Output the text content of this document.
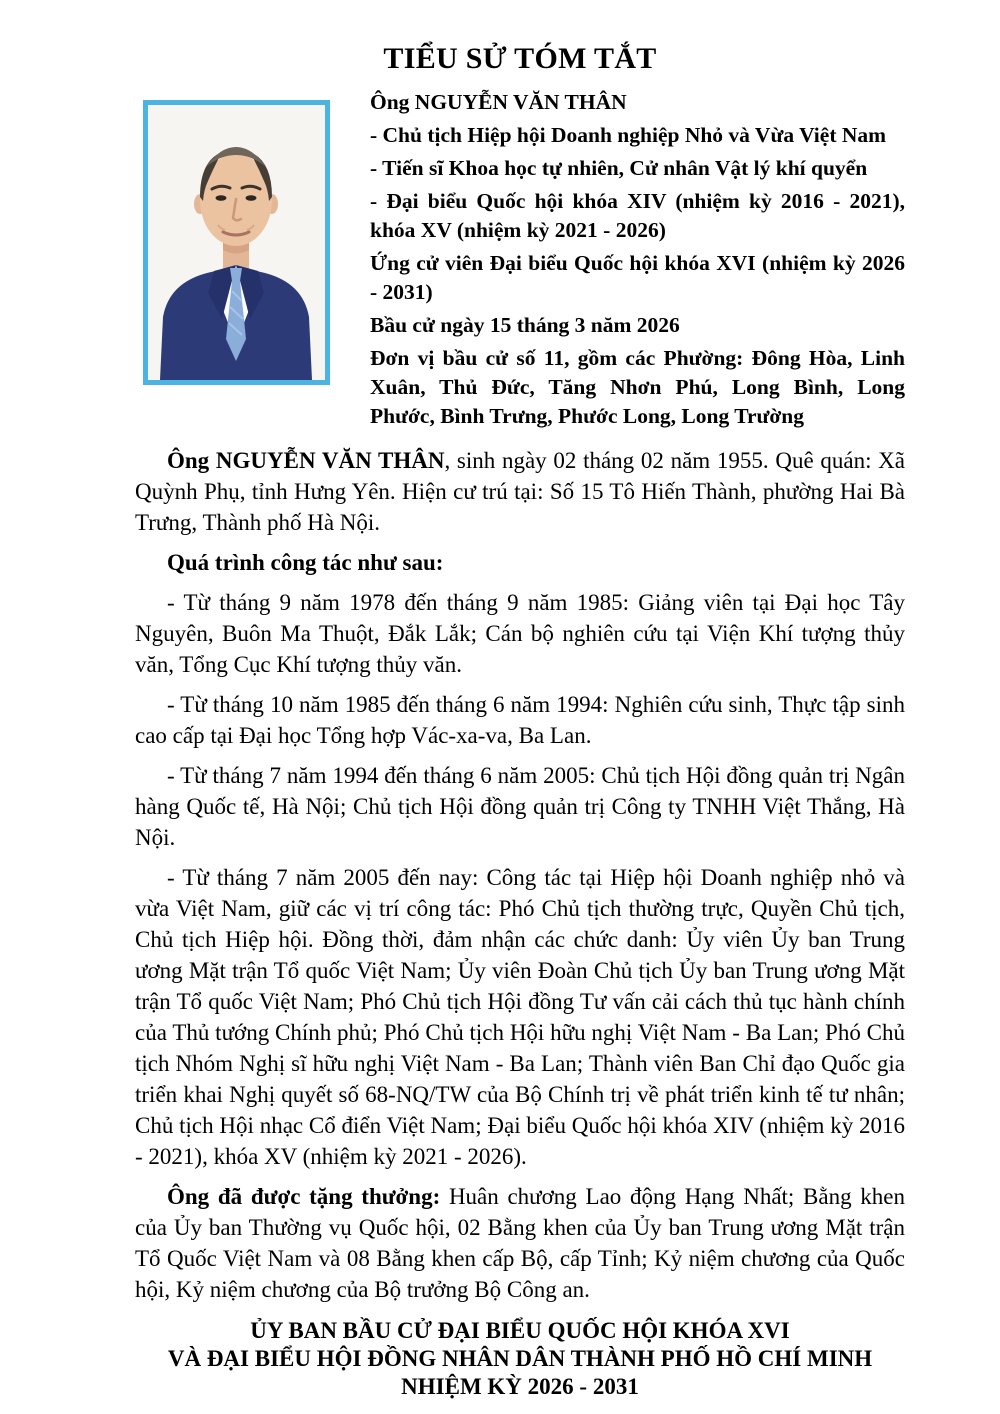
TIỂU SỬ TÓM TẮT

Ông NGUYỄN VĂN THÂN

- Chủ tịch Hiệp hội Doanh nghiệp Nhỏ và Vừa Việt Nam

- Tiến sĩ Khoa học tự nhiên, Cử nhân Vật lý khí quyển

- Đại biểu Quốc hội khóa XIV (nhiệm kỳ 2016 - 2021), khóa XV (nhiệm kỳ 2021 - 2026)

Ứng cử viên Đại biểu Quốc hội khóa XVI (nhiệm kỳ 2026 - 2031)

Bầu cử ngày 15 tháng 3 năm 2026

Đơn vị bầu cử số 11, gồm các Phường: Đông Hòa, Linh Xuân, Thủ Đức, Tăng Nhơn Phú, Long Bình, Long Phước, Bình Trưng, Phước Long, Long Trường

Ông NGUYỄN VĂN THÂN, sinh ngày 02 tháng 02 năm 1955. Quê quán: Xã Quỳnh Phụ, tỉnh Hưng Yên. Hiện cư trú tại: Số 15 Tô Hiến Thành, phường Hai Bà Trưng, Thành phố Hà Nội.

Quá trình công tác như sau:

- Từ tháng 9 năm 1978 đến tháng 9 năm 1985: Giảng viên tại Đại học Tây Nguyên, Buôn Ma Thuột, Đắk Lắk; Cán bộ nghiên cứu tại Viện Khí tượng thủy văn, Tổng Cục Khí tượng thủy văn.

- Từ tháng 10 năm 1985 đến tháng 6 năm 1994: Nghiên cứu sinh, Thực tập sinh cao cấp tại Đại học Tổng hợp Vác-xa-va, Ba Lan.

- Từ tháng 7 năm 1994 đến tháng 6 năm 2005: Chủ tịch Hội đồng quản trị Ngân hàng Quốc tế, Hà Nội; Chủ tịch Hội đồng quản trị Công ty TNHH Việt Thắng, Hà Nội.

- Từ tháng 7 năm 2005 đến nay: Công tác tại Hiệp hội Doanh nghiệp nhỏ và vừa Việt Nam, giữ các vị trí công tác: Phó Chủ tịch thường trực, Quyền Chủ tịch, Chủ tịch Hiệp hội. Đồng thời, đảm nhận các chức danh: Ủy viên Ủy ban Trung ương Mặt trận Tổ quốc Việt Nam; Ủy viên Đoàn Chủ tịch Ủy ban Trung ương Mặt trận Tổ quốc Việt Nam; Phó Chủ tịch Hội đồng Tư vấn cải cách thủ tục hành chính của Thủ tướng Chính phủ; Phó Chủ tịch Hội hữu nghị Việt Nam - Ba Lan; Phó Chủ tịch Nhóm Nghị sĩ hữu nghị Việt Nam - Ba Lan; Thành viên Ban Chỉ đạo Quốc gia triển khai Nghị quyết số 68-NQ/TW của Bộ Chính trị về phát triển kinh tế tư nhân; Chủ tịch Hội nhạc Cổ điển Việt Nam; Đại biểu Quốc hội khóa XIV (nhiệm kỳ 2016 - 2021), khóa XV (nhiệm kỳ 2021 - 2026).

Ông đã được tặng thưởng: Huân chương Lao động Hạng Nhất; Bằng khen của Ủy ban Thường vụ Quốc hội, 02 Bằng khen của Ủy ban Trung ương Mặt trận Tổ Quốc Việt Nam và 08 Bằng khen cấp Bộ, cấp Tỉnh; Kỷ niệm chương của Quốc hội, Kỷ niệm chương của Bộ trưởng Bộ Công an.

ỦY BAN BẦU CỬ ĐẠI BIỂU QUỐC HỘI KHÓA XVI

VÀ ĐẠI BIỂU HỘI ĐỒNG NHÂN DÂN THÀNH PHỐ HỒ CHÍ MINH

NHIỆM KỲ 2026 - 2031
